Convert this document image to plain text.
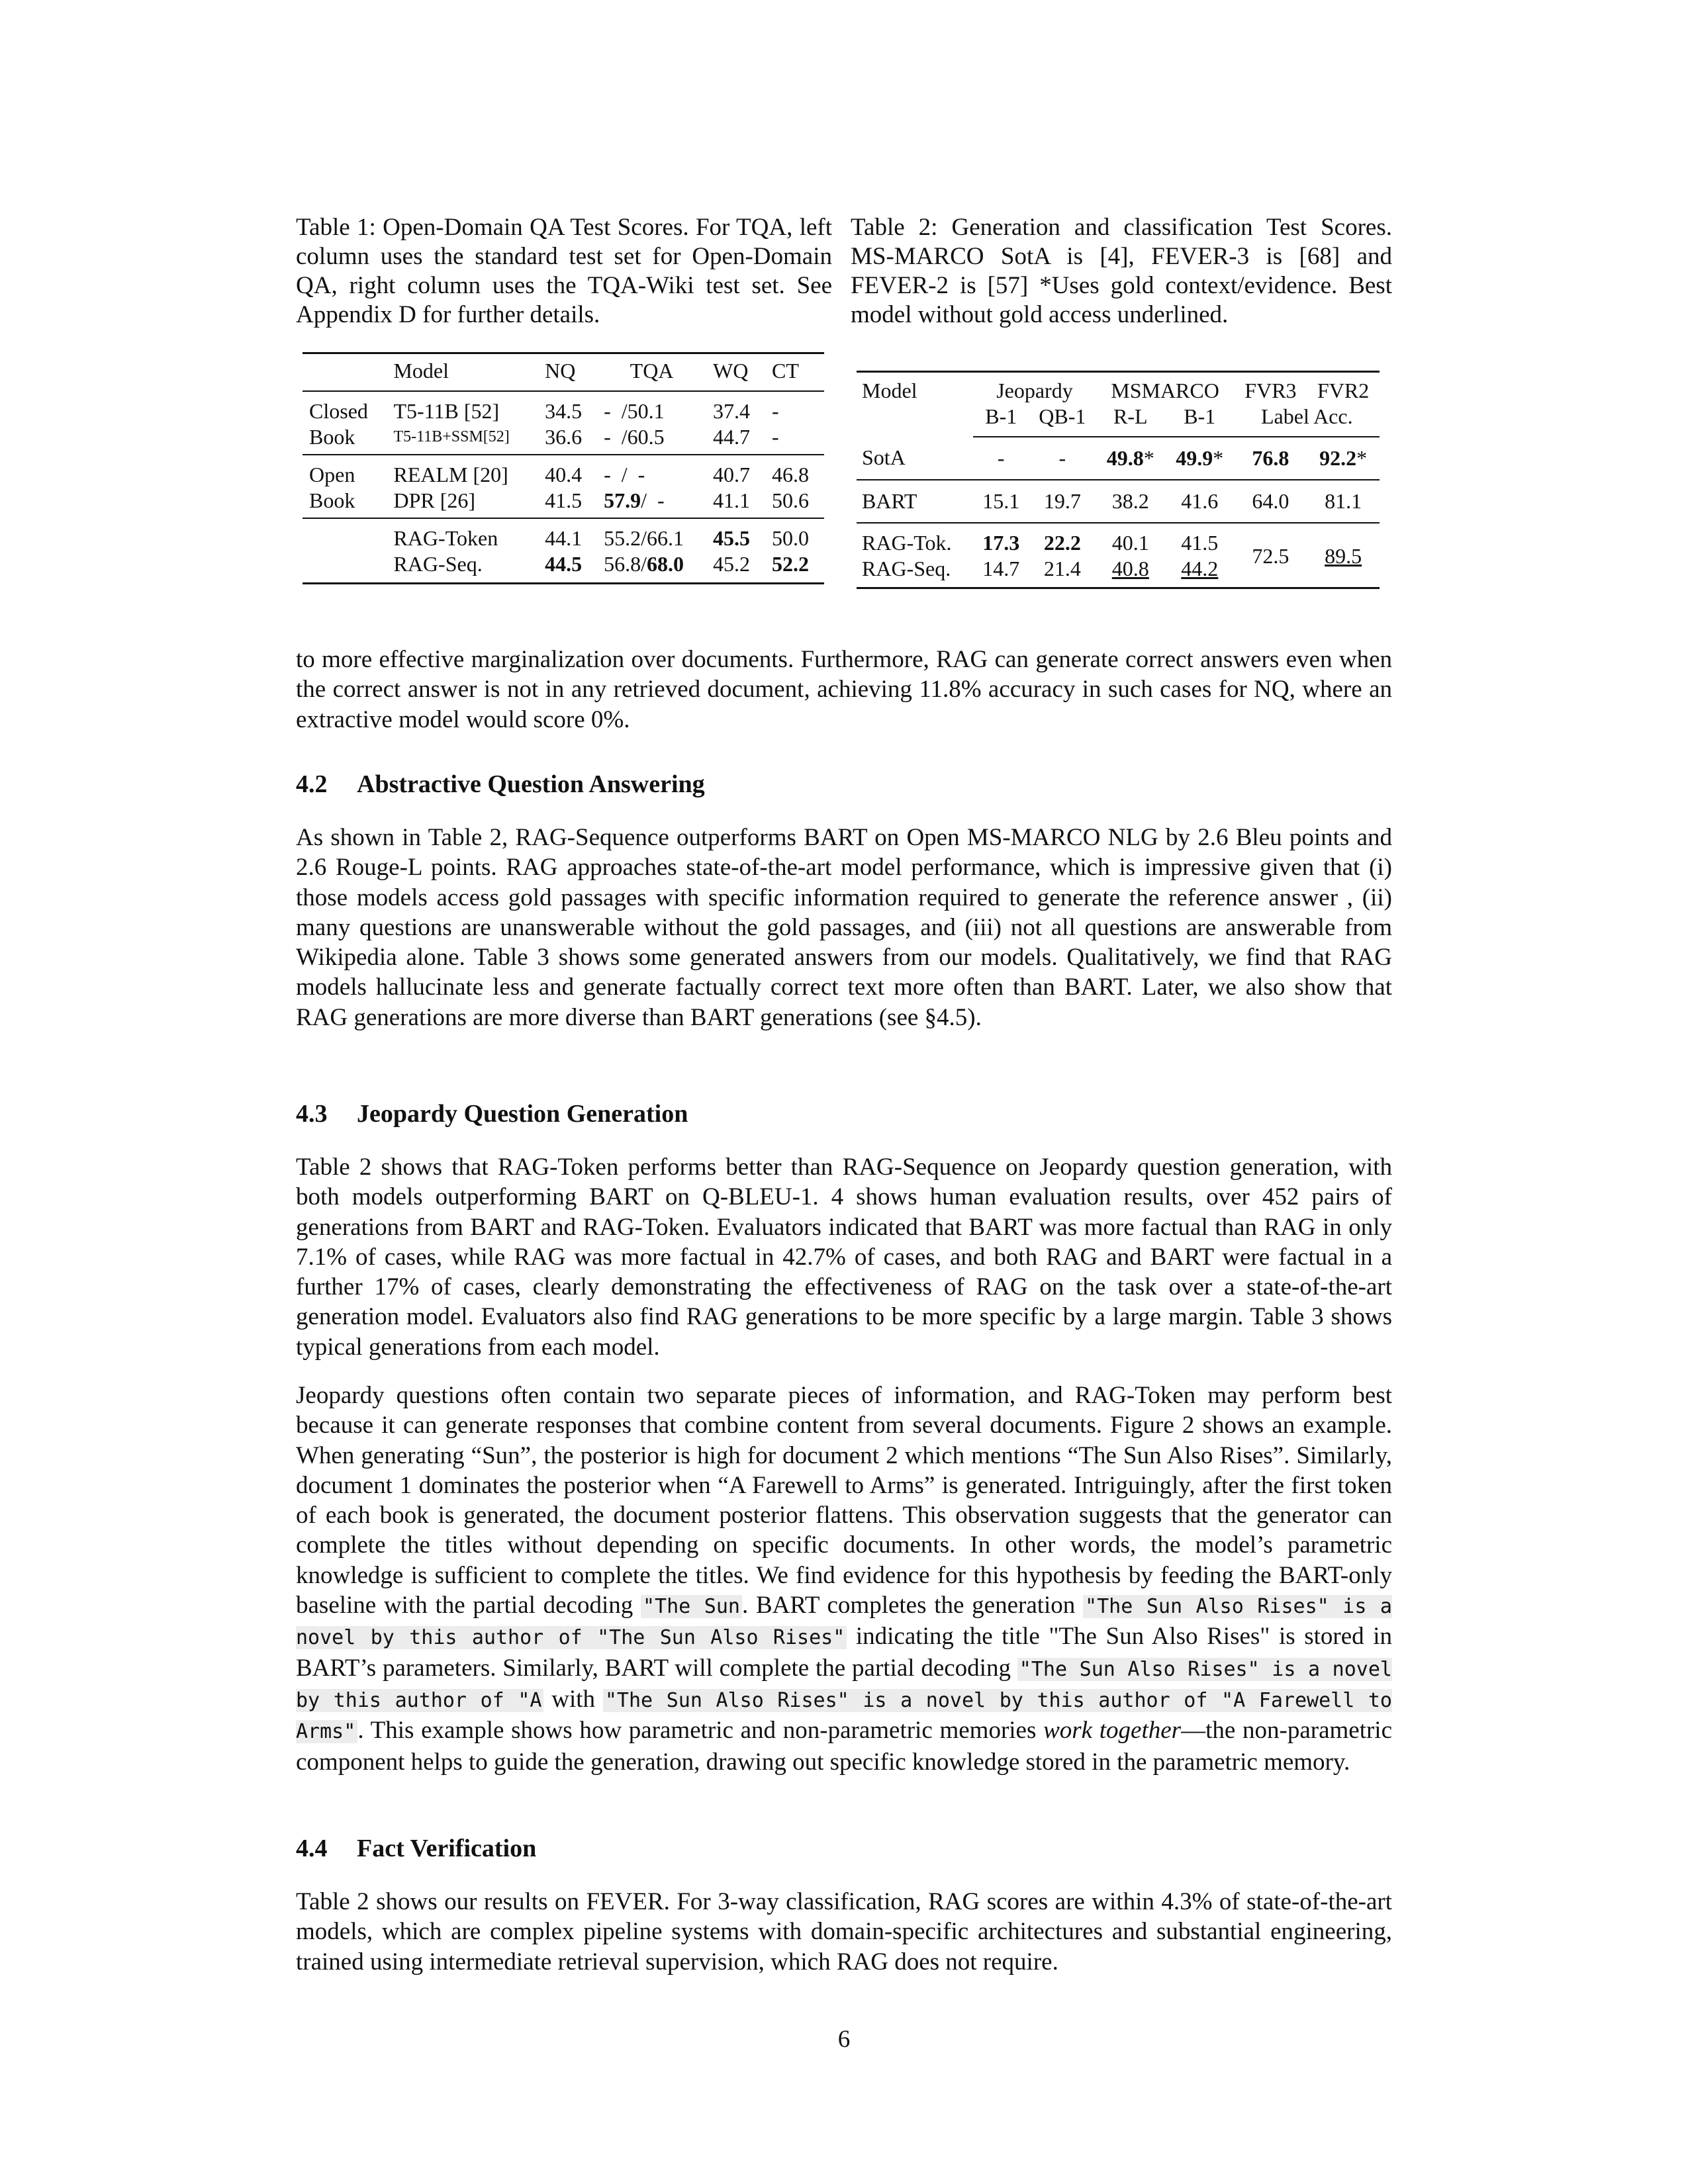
Table 1: Open-Domain QA Test Scores. For TQA, left column uses the standard test set for Open-Domain QA, right column uses the TQA-Wiki test set. See Appendix D for further details.

Table 2: Generation and classification Test Scores. MS-MARCO SotA is [4], FEVER-3 is [68] and FEVER-2 is [57] *Uses gold context/evidence. Best model without gold access underlined.

	Model	NQ	TQA	WQ	CT
Closed	T5-11B [52]	34.5	-  /50.1	37.4	-
Book	T5-11B+SSM[52]	36.6	-  /60.5	44.7	-
Open	REALM [20]	40.4	-  /  -	40.7	46.8
Book	DPR [26]	41.5	57.9/  -	41.1	50.6
	RAG-Token	44.1	55.2/66.1	45.5	50.0
	RAG-Seq.	44.5	56.8/68.0	45.2	52.2
Model	Jeopardy		MSMARCO		FVR3	FVR2
	B-1	QB-1	R-L	B-1	Label Acc.	
SotA	-	-	49.8*	49.9*	76.8	92.2*
BART	15.1	19.7	38.2	41.6	64.0	81.1
RAG-Tok.	17.3	22.2	40.1	41.5	72.5	89.5
RAG-Seq.	14.7	21.4	40.8	44.2		

to more effective marginalization over documents. Furthermore, RAG can generate correct answers even when the correct answer is not in any retrieved document, achieving 11.8% accuracy in such cases for NQ, where an extractive model would score 0%.

4.2 Abstractive Question Answering

As shown in Table 2, RAG-Sequence outperforms BART on Open MS-MARCO NLG by 2.6 Bleu points and 2.6 Rouge-L points. RAG approaches state-of-the-art model performance, which is impressive given that (i) those models access gold passages with specific information required to generate the reference answer , (ii) many questions are unanswerable without the gold passages, and (iii) not all questions are answerable from Wikipedia alone. Table 3 shows some generated answers from our models. Qualitatively, we find that RAG models hallucinate less and generate factually correct text more often than BART. Later, we also show that RAG generations are more diverse than BART generations (see §4.5).

4.3 Jeopardy Question Generation

Table 2 shows that RAG-Token performs better than RAG-Sequence on Jeopardy question generation, with both models outperforming BART on Q-BLEU-1. 4 shows human evaluation results, over 452 pairs of generations from BART and RAG-Token. Evaluators indicated that BART was more factual than RAG in only 7.1% of cases, while RAG was more factual in 42.7% of cases, and both RAG and BART were factual in a further 17% of cases, clearly demonstrating the effectiveness of RAG on the task over a state-of-the-art generation model. Evaluators also find RAG generations to be more specific by a large margin. Table 3 shows typical generations from each model.

Jeopardy questions often contain two separate pieces of information, and RAG-Token may perform best because it can generate responses that combine content from several documents. Figure 2 shows an example. When generating “Sun”, the posterior is high for document 2 which mentions “The Sun Also Rises”. Similarly, document 1 dominates the posterior when “A Farewell to Arms” is generated. Intriguingly, after the first token of each book is generated, the document posterior flattens. This observation suggests that the generator can complete the titles without depending on specific documents. In other words, the model’s parametric knowledge is sufficient to complete the titles. We find evidence for this hypothesis by feeding the BART-only baseline with the partial decoding "The Sun. BART completes the generation "The Sun Also Rises" is a novel by this author of "The Sun Also Rises" indicating the title "The Sun Also Rises" is stored in BART’s parameters. Similarly, BART will complete the partial decoding "The Sun Also Rises" is a novel by this author of "A with "The Sun Also Rises" is a novel by this author of "A Farewell to Arms". This example shows how parametric and non-parametric memories work together—the non-parametric component helps to guide the generation, drawing out specific knowledge stored in the parametric memory.

4.4 Fact Verification

Table 2 shows our results on FEVER. For 3-way classification, RAG scores are within 4.3% of state-of-the-art models, which are complex pipeline systems with domain-specific architectures and substantial engineering, trained using intermediate retrieval supervision, which RAG does not require.

6
